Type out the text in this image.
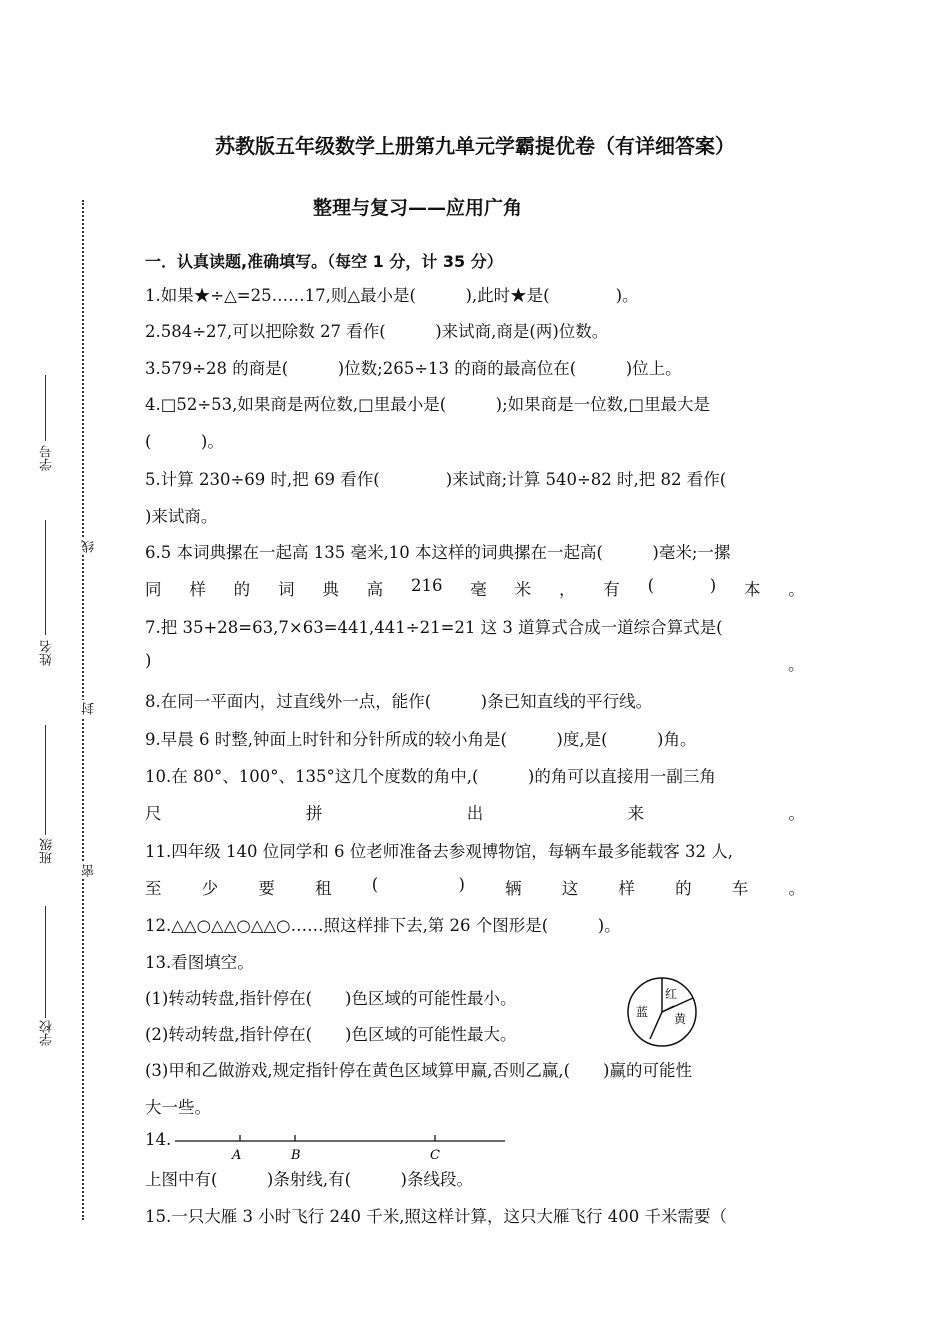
苏教版五年级数学上册第九单元学霸提优卷（有详细答案）
整理与复习——应用广角
学号
姓名
班级
学校
线
封
密
一．认真读题,准确填写。（每空 1 分，计 35 分）
1.如果★÷△=25……17,则△最小是(　　　),此时★是(　　　　)。
2.584÷27,可以把除数 27 看作(　　　)来试商,商是(两)位数。
3.579÷28 的商是(　　　)位数;265÷13 的商的最高位在(　　　)位上。
4.□52÷53,如果商是两位数,□里最小是(　　　);如果商是一位数,□里最大是
(　　　)。
5.计算 230÷69 时,把 69 看作(　　　　)来试商;计算 540÷82 时,把 82 看作(
)来试商。
6.5 本词典摞在一起高 135 毫米,10 本这样的词典摞在一起高(　　　)毫米;一摞
同 样 的 词 典 高 216 毫 米 ， 有 (	) 本 。
7.把 35+28=63,7×63=441,441÷21=21 这 3 道算式合成一道综合算式是(
)	。
8.在同一平面内，过直线外一点，能作(　　　)条已知直线的平行线。
9.早晨 6 时整,钟面上时针和分针所成的较小角是(　　　)度,是(　　　)角。
10.在 80°、100°、135°这几个度数的角中,(　　　)的角可以直接用一副三角
尺	拼	出	来	。
11.四年级 140 位同学和 6 位老师准备去参观博物馆，每辆车最多能载客 32 人,
至 少 要 租 (	) 辆 这 样 的 车 。
12.△△○△△○△△○……照这样排下去,第 26 个图形是(　　　)。
13.看图填空。
(1)转动转盘,指针停在(　　)色区域的可能性最小。
(2)转动转盘,指针停在(　　)色区域的可能性最大。
(3)甲和乙做游戏,规定指针停在黄色区域算甲赢,否则乙赢,(　　)赢的可能性
大一些。
14.
上图中有(　　　)条射线,有(　　　)条线段。
15.一只大雁 3 小时飞行 240 千米,照这样计算，这只大雁飞行 400 千米需要（
红
黄
蓝
A	B	C
